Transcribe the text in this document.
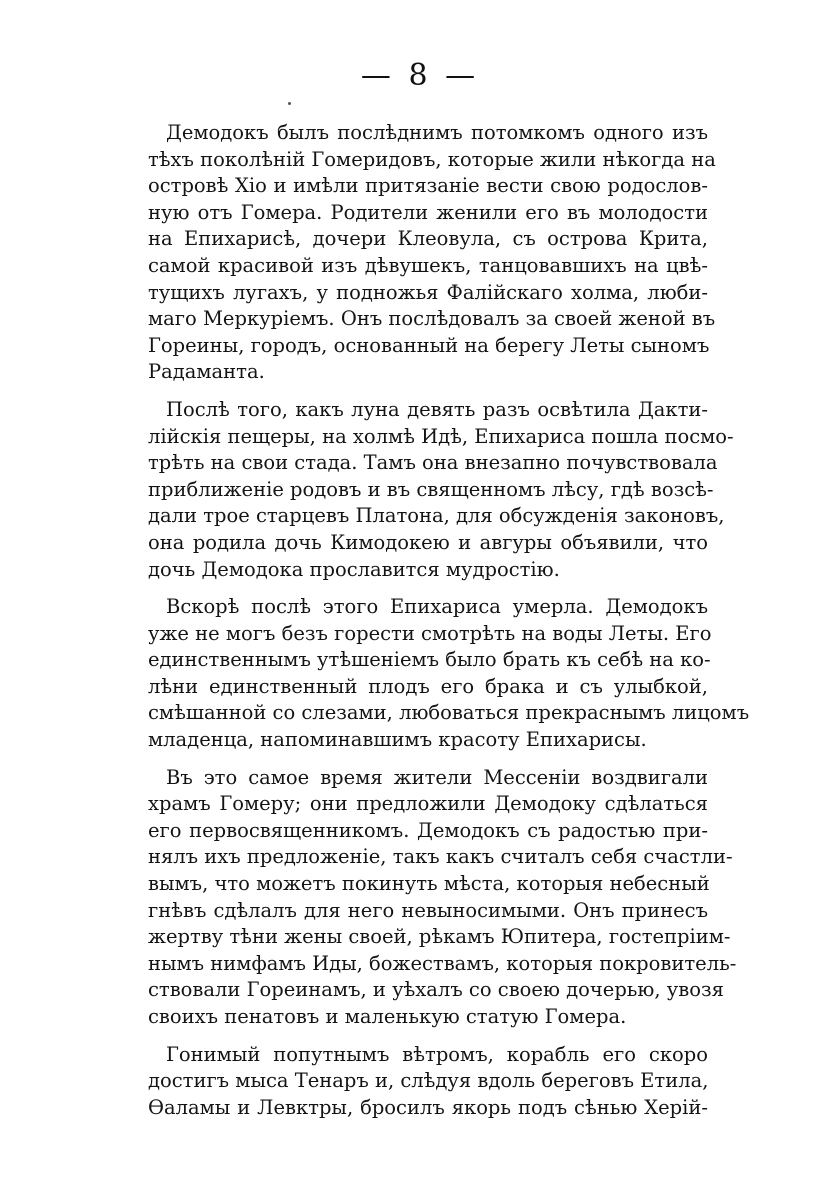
— 8 —
Демодокъ былъ послѣднимъ потомкомъ одного изъ
тѣхъ поколѣній Гомеридовъ, которые жили нѣкогда на
островѣ Хіо и имѣли притязаніе вести свою родослов-
ную отъ Гомера. Родители женили его въ молодости
на Епихарисѣ, дочери Клеовула, съ острова Крита,
самой красивой изъ дѣвушекъ, танцовавшихъ на цвѣ-
тущихъ лугахъ, у подножья Фалійскаго холма, люби-
маго Меркуріемъ. Онъ послѣдовалъ за своей женой въ
Гореины, городъ, основанный на берегу Леты сыномъ
Радаманта.
Послѣ того, какъ луна девять разъ освѣтила Дакти-
лійскія пещеры, на холмѣ Идѣ, Епихариса пошла посмо-
трѣть на свои стада. Тамъ она внезапно почувствовала
приближеніе родовъ и въ священномъ лѣсу, гдѣ возсѣ-
дали трое старцевъ Платона, для обсужденія законовъ,
она родила дочь Кимодокею и авгуры объявили, что
дочь Демодока прославится мудростію.
Вскорѣ послѣ этого Епихариса умерла. Демодокъ
уже не могъ безъ горести смотрѣть на воды Леты. Его
единственнымъ утѣшеніемъ было брать къ себѣ на ко-
лѣни единственный плодъ его брака и съ улыбкой,
смѣшанной со слезами, любоваться прекраснымъ лицомъ
младенца, напоминавшимъ красоту Епихарисы.
Въ это самое время жители Мессеніи воздвигали
храмъ Гомеру; они предложили Демодоку сдѣлаться
его первосвященникомъ. Демодокъ съ радостью при-
нялъ ихъ предложеніе, такъ какъ считалъ себя счастли-
вымъ, что можетъ покинуть мѣста, которыя небесный
гнѣвъ сдѣлалъ для него невыносимыми. Онъ принесъ
жертву тѣни жены своей, рѣкамъ Юпитера, гостепріим-
нымъ нимфамъ Иды, божествамъ, которыя покровитель-
ствовали Гореинамъ, и уѣхалъ со своею дочерью, увозя
своихъ пенатовъ и маленькую статую Гомера.
Гонимый попутнымъ вѣтромъ, корабль его скоро
достигъ мыса Тенаръ и, слѣдуя вдоль береговъ Етила,
Ѳаламы и Левктры, бросилъ якорь подъ сѣнью Херій-
